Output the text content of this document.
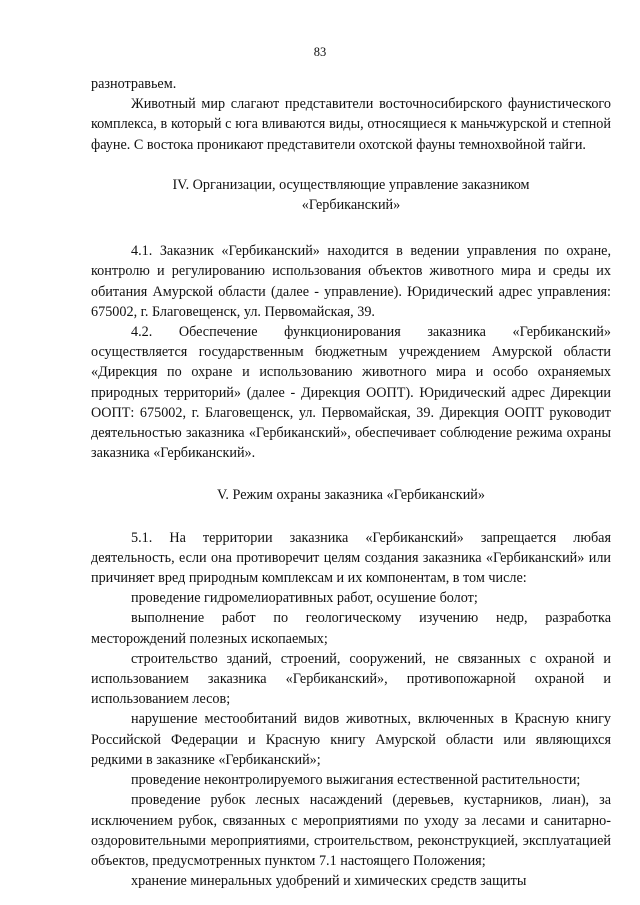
83

разнотравьем.

Животный мир слагают представители восточносибирского фаунистического комплекса, в который с юга вливаются виды, относящиеся к маньчжурской и степной фауне. С востока проникают представители охотской фауны темнохвойной тайги.

IV. Организации, осуществляющие управление заказником
«Гербиканский»

4.1. Заказник «Гербиканский» находится в ведении управления по охране, контролю и регулированию использования объектов животного мира и среды их обитания Амурской области (далее - управление). Юридический адрес управления: 675002, г. Благовещенск, ул. Первомайская, 39.

4.2. Обеспечение функционирования заказника «Гербиканский» осуществляется государственным бюджетным учреждением Амурской области «Дирекция по охране и использованию животного мира и особо охраняемых природных территорий» (далее - Дирекция ООПТ). Юридический адрес Дирекции ООПТ: 675002, г. Благовещенск, ул. Первомайская, 39. Дирекция ООПТ руководит деятельностью заказника «Гербиканский», обеспечивает соблюдение режима охраны заказника «Гербиканский».

V. Режим охраны заказника «Гербиканский»

5.1. На территории заказника «Гербиканский» запрещается любая деятельность, если она противоречит целям создания заказника «Гербиканский» или причиняет вред природным комплексам и их компонентам, в том числе:

проведение гидромелиоративных работ, осушение болот;

выполнение работ по геологическому изучению недр, разработка месторождений полезных ископаемых;

строительство зданий, строений, сооружений, не связанных с охраной и использованием заказника «Гербиканский», противопожарной охраной и использованием лесов;

нарушение местообитаний видов животных, включенных в Красную книгу Российской Федерации и Красную книгу Амурской области или являющихся редкими в заказнике «Гербиканский»;

проведение неконтролируемого выжигания естественной растительности;

проведение рубок лесных насаждений (деревьев, кустарников, лиан), за исключением рубок, связанных с мероприятиями по уходу за лесами и санитарно-оздоровительными мероприятиями, строительством, реконструкцией, эксплуатацией объектов, предусмотренных пунктом 7.1 настоящего Положения;

хранение минеральных удобрений и химических средств защиты
